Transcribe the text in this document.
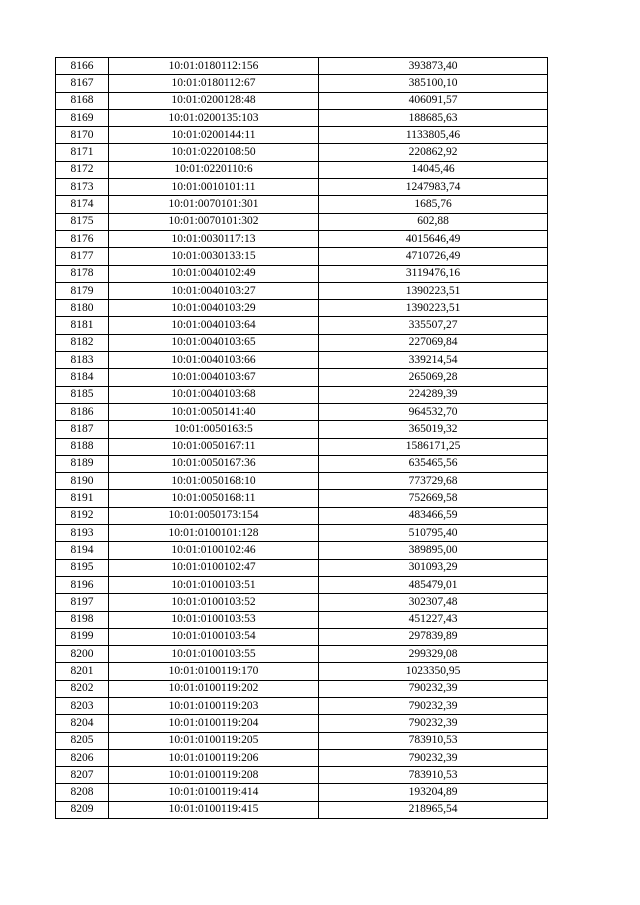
8166	10:01:0180112:156	393873,40
8167	10:01:0180112:67	385100,10
8168	10:01:0200128:48	406091,57
8169	10:01:0200135:103	188685,63
8170	10:01:0200144:11	1133805,46
8171	10:01:0220108:50	220862,92
8172	10:01:0220110:6	14045,46
8173	10:01:0010101:11	1247983,74
8174	10:01:0070101:301	1685,76
8175	10:01:0070101:302	602,88
8176	10:01:0030117:13	4015646,49
8177	10:01:0030133:15	4710726,49
8178	10:01:0040102:49	3119476,16
8179	10:01:0040103:27	1390223,51
8180	10:01:0040103:29	1390223,51
8181	10:01:0040103:64	335507,27
8182	10:01:0040103:65	227069,84
8183	10:01:0040103:66	339214,54
8184	10:01:0040103:67	265069,28
8185	10:01:0040103:68	224289,39
8186	10:01:0050141:40	964532,70
8187	10:01:0050163:5	365019,32
8188	10:01:0050167:11	1586171,25
8189	10:01:0050167:36	635465,56
8190	10:01:0050168:10	773729,68
8191	10:01:0050168:11	752669,58
8192	10:01:0050173:154	483466,59
8193	10:01:0100101:128	510795,40
8194	10:01:0100102:46	389895,00
8195	10:01:0100102:47	301093,29
8196	10:01:0100103:51	485479,01
8197	10:01:0100103:52	302307,48
8198	10:01:0100103:53	451227,43
8199	10:01:0100103:54	297839,89
8200	10:01:0100103:55	299329,08
8201	10:01:0100119:170	1023350,95
8202	10:01:0100119:202	790232,39
8203	10:01:0100119:203	790232,39
8204	10:01:0100119:204	790232,39
8205	10:01:0100119:205	783910,53
8206	10:01:0100119:206	790232,39
8207	10:01:0100119:208	783910,53
8208	10:01:0100119:414	193204,89
8209	10:01:0100119:415	218965,54
